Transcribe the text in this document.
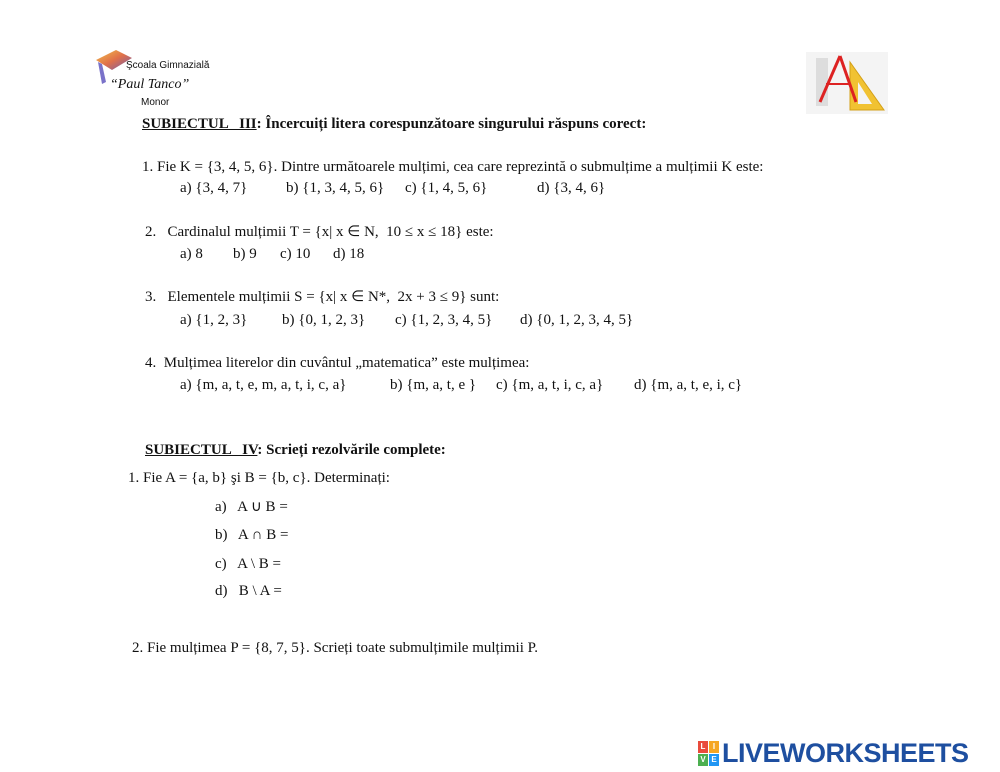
Şcoala Gimnazială
“Paul Tanco”
Monor
SUBIECTUL   III: Încercuiți litera corespunzătoare singurului răspuns corect:
1. Fie K = {3, 4, 5, 6}. Dintre următoarele mulțimi, cea care reprezintă o submulțime a mulțimii K este:
a) {3, 4, 7}	b) {1, 3, 4, 5, 6} c) {1, 4, 5, 6}	d) {3, 4, 6}
2.   Cardinalul mulțimii T = {x| x ∈ N,  10 ≤ x ≤ 18} este:
a) 8 b) 9 c) 10 d) 18
3.   Elementele mulțimii S = {x| x ∈ N*,  2x + 3 ≤ 9} sunt:
a) {1, 2, 3} b) {0, 1, 2, 3} c) {1, 2, 3, 4, 5} d) {0, 1, 2, 3, 4, 5}
4.  Mulțimea literelor din cuvântul „matematica” este mulțimea:
a) {m, a, t, e, m, a, t, i, c, a}	b) {m, a, t, e } c) {m, a, t, i, c, a} d) {m, a, t, e, i, c}
SUBIECTUL   IV: Scrieți rezolvările complete:
1. Fie A = {a, b} şi B = {b, c}. Determinați:
a)   A ∪ B =
b)   A ∩ B =
c)   A \ B =
d)   B \ A =
2. Fie mulțimea P = {8, 7, 5}. Scrieți toate submulțimile mulțimii P.
L I
V E LIVEWORKSHEETS
